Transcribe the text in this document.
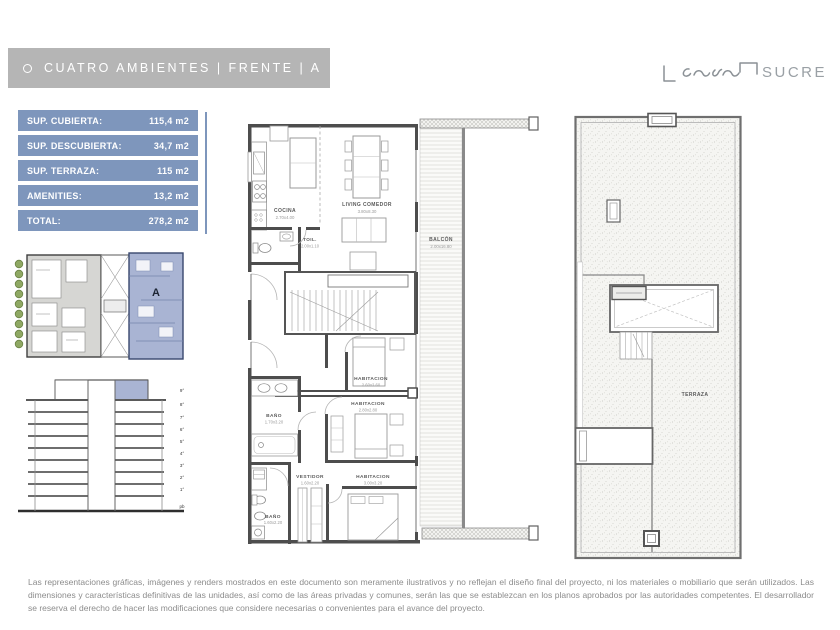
CUATRO AMBIENTES | FRENTE | A	SUCRE
SUP. CUBIERTA:	115,4 m2
SUP. DESCUBIERTA:	34,7 m2
SUP. TERRAZA:	115 m2
AMENITIES:	13,2 m2
TOTAL:	278,2 m2
A
9°
8°
7°
6°
5°
4°
3°
2°
1°
pb
COCINA
2.70x4.00
LIVING COMEDOR
3.80x8.30
BALCÓN
2.00x16.80
TOIL.
2.00x1.10
HABITACION
2.60x2.60
HABITACION
2.80x2.80
BAÑO
1.70x3.20
VESTIDOR
1.60x2.20
HABITACION
3.00x3.20
BAÑO
1.60x2.20
TERRAZA
Las representaciones gráficas, imágenes y renders mostrados en este documento son meramente ilustrativos y no reflejan el diseño final del proyecto, ni los materiales o mobiliario que serán utilizados. Las dimensiones y características definitivas de las unidades, así como de las áreas privadas y comunes, serán las que se establezcan en los planos aprobados por las autoridades competentes. El desarrollador se reserva el derecho de hacer las modificaciones que considere necesarias o convenientes para el avance del proyecto.
